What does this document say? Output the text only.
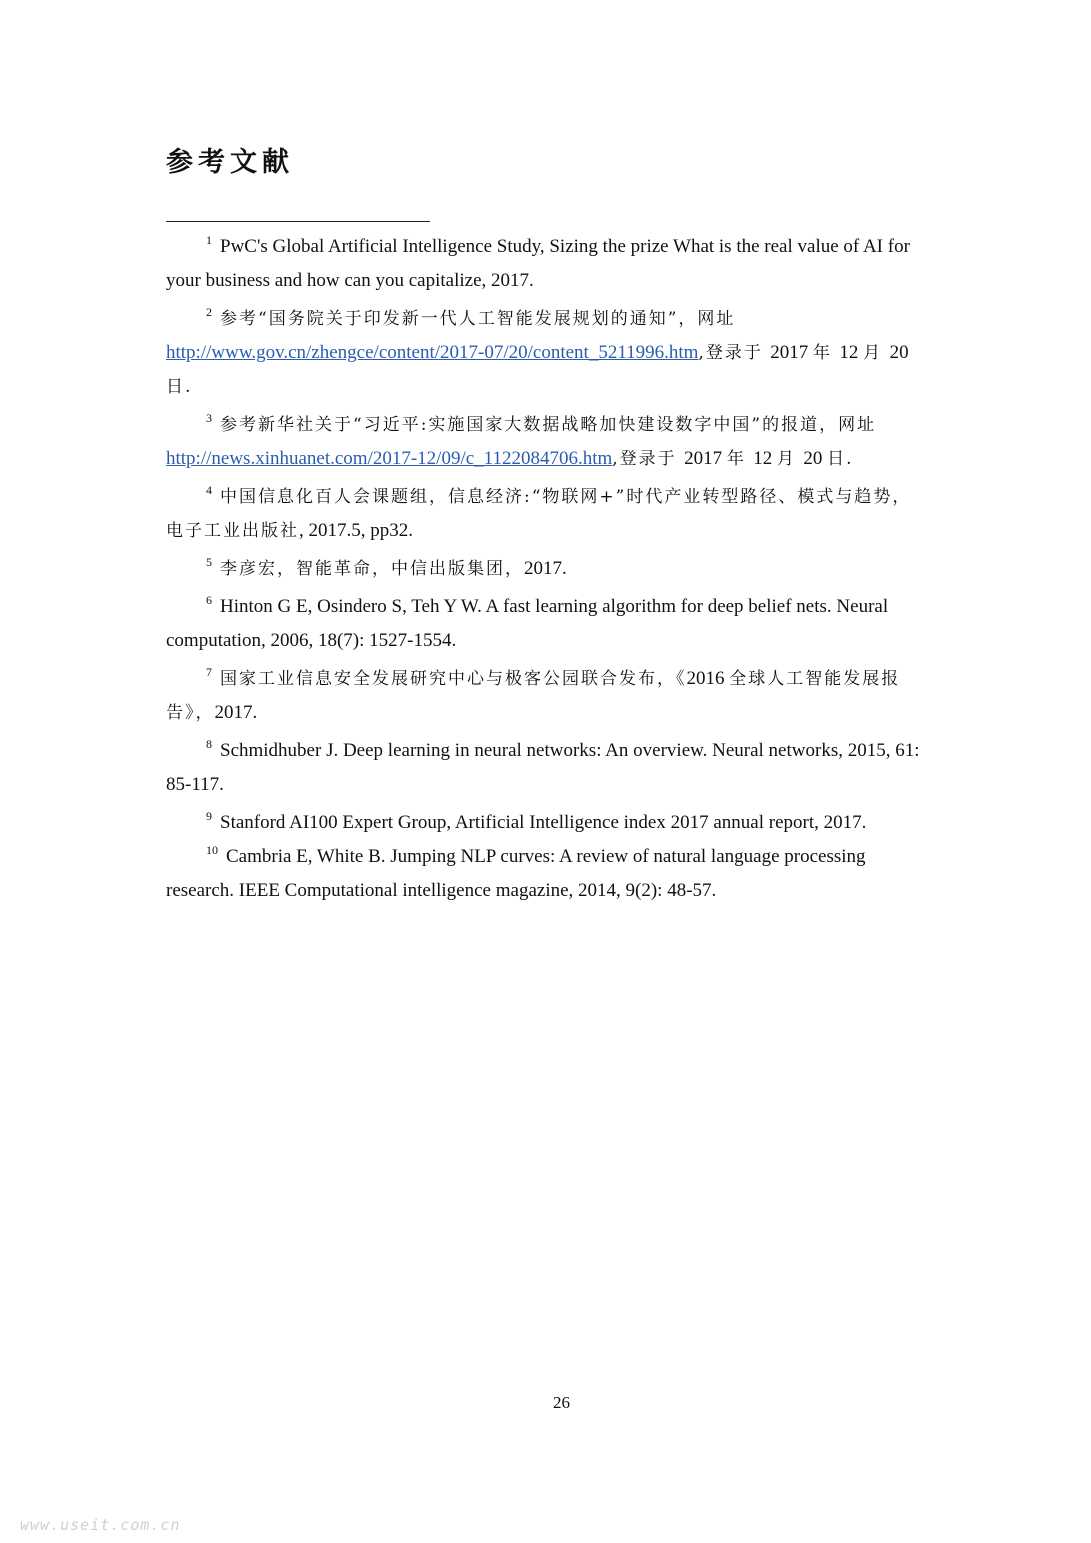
参考文献

$^1$ PwC's Global Artificial Intelligence Study, Sizing the prize What is the real value of AI for your business and how can you capitalize, 2017.

$^2$ 参考“国务院关于印发新一代人工智能发展规划的通知”，网址 http://www.gov.cn/zhengce/content/2017-07/20/content_5211996.htm,登录于 2017 年 12 月 20 日.

$^3$ 参考新华社关于“习近平:实施国家大数据战略加快建设数字中国”的报道，网址 http://news.xinhuanet.com/2017-12/09/c_1122084706.htm,登录于 2017 年 12 月 20 日.

$^4$ 中国信息化百人会课题组，信息经济:“物联网+”时代产业转型路径、模式与趋势，电子工业出版社, 2017.5, pp32.

$^5$ 李彦宏，智能革命，中信出版集团，2017.

$^6$ Hinton G E, Osindero S, Teh Y W. A fast learning algorithm for deep belief nets. Neural computation, 2006, 18(7): 1527-1554.

$^7$ 国家工业信息安全发展研究中心与极客公园联合发布，《2016 全球人工智能发展报告》，2017.

$^8$ Schmidhuber J. Deep learning in neural networks: An overview. Neural networks, 2015, 61: 85-117.

$^9$ Stanford AI100 Expert Group, Artificial Intelligence index 2017 annual report, 2017.

$^{10}$ Cambria E, White B. Jumping NLP curves: A review of natural language processing research. IEEE Computational intelligence magazine, 2014, 9(2): 48-57.

26
www.useit.com.cn
